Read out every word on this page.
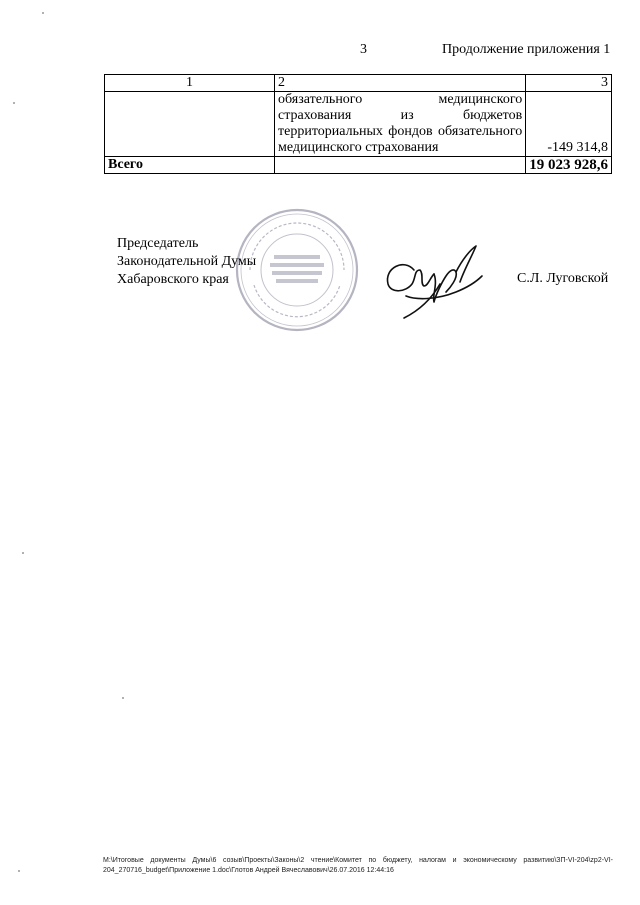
3	Продолжение приложения 1
1	2	3

	обязательного медицинского
страхования из бюджетов
территориальных фондов обязательного
медицинского страхования	-149 314,8
Всего		19 023 928,6
Председатель
Законодательной Думы
Хабаровского края	С.Л. Луговской
M:\Итоговые документы Думы\6 созыв\Проекты\Законы\2 чтение\Комитет по бюджету, налогам и экономическому развитию\ЗП-VI-204\zp2-VI-
204_270716_budget\Приложение 1.doc\Глотов Андрей Вячеславович\26.07.2016 12:44:16
